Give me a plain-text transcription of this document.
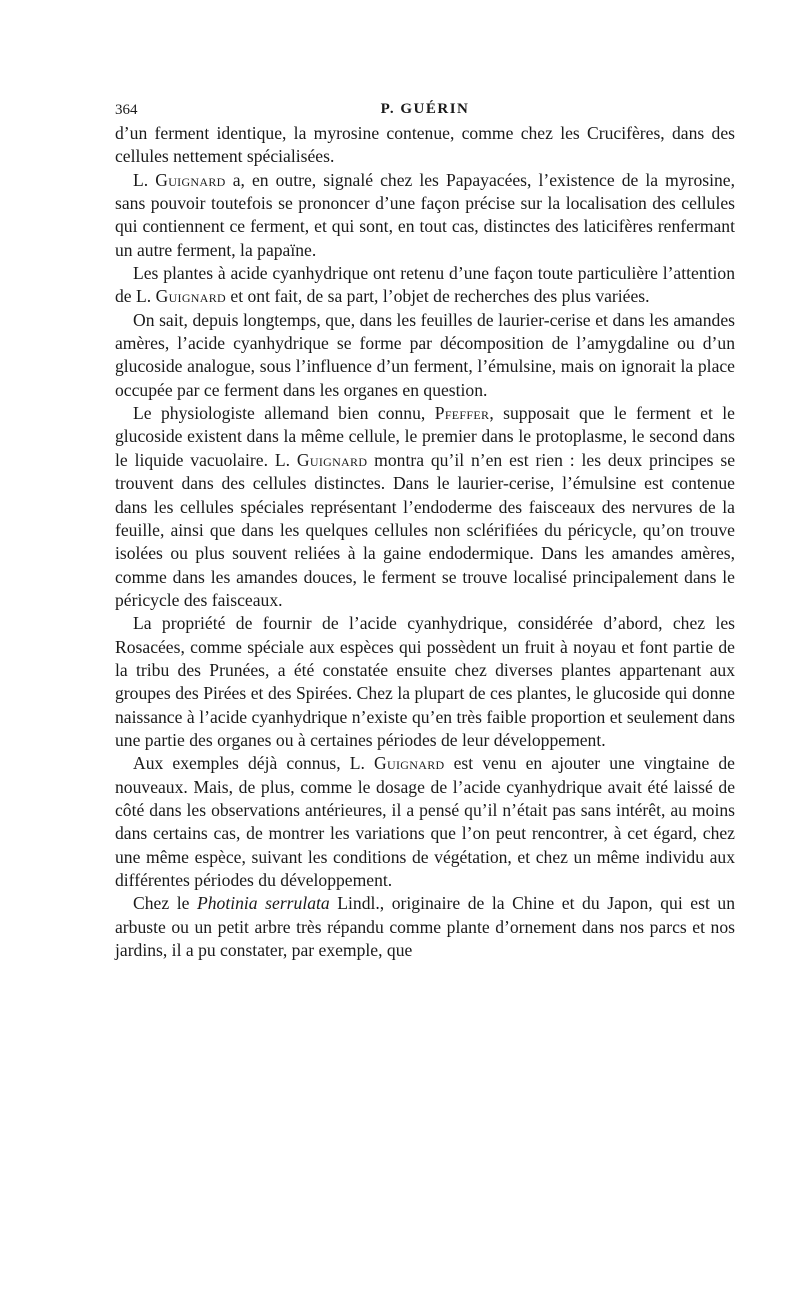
364	P. GUÉRIN

d’un ferment identique, la myrosine contenue, comme chez les Crucifères, dans des cellules nettement spécialisées.

L. Guignard a, en outre, signalé chez les Papayacées, l’existence de la myrosine, sans pouvoir toutefois se prononcer d’une façon précise sur la localisation des cellules qui contiennent ce ferment, et qui sont, en tout cas, distinctes des laticifères renfermant un autre ferment, la papaïne.

Les plantes à acide cyanhydrique ont retenu d’une façon toute particulière l’attention de L. Guignard et ont fait, de sa part, l’objet de recherches des plus variées.

On sait, depuis longtemps, que, dans les feuilles de laurier-cerise et dans les amandes amères, l’acide cyanhydrique se forme par décomposition de l’amygdaline ou d’un glucoside analogue, sous l’influence d’un ferment, l’émulsine, mais on ignorait la place occupée par ce ferment dans les organes en question.

Le physiologiste allemand bien connu, Pfeffer, supposait que le ferment et le glucoside existent dans la même cellule, le premier dans le protoplasme, le second dans le liquide vacuolaire. L. Guignard montra qu’il n’en est rien : les deux principes se trouvent dans des cellules distinctes. Dans le laurier-cerise, l’émulsine est contenue dans les cellules spéciales représentant l’endoderme des faisceaux des nervures de la feuille, ainsi que dans les quelques cellules non sclérifiées du péricycle, qu’on trouve isolées ou plus souvent reliées à la gaine endodermique. Dans les amandes amères, comme dans les amandes douces, le ferment se trouve localisé principalement dans le péricycle des faisceaux.

La propriété de fournir de l’acide cyanhydrique, considérée d’abord, chez les Rosacées, comme spéciale aux espèces qui possèdent un fruit à noyau et font partie de la tribu des Prunées, a été constatée ensuite chez diverses plantes appartenant aux groupes des Pirées et des Spirées. Chez la plupart de ces plantes, le glucoside qui donne naissance à l’acide cyanhydrique n’existe qu’en très faible proportion et seulement dans une partie des organes ou à certaines périodes de leur développement.

Aux exemples déjà connus, L. Guignard est venu en ajouter une vingtaine de nouveaux. Mais, de plus, comme le dosage de l’acide cyanhydrique avait été laissé de côté dans les observations antérieures, il a pensé qu’il n’était pas sans intérêt, au moins dans certains cas, de montrer les variations que l’on peut rencontrer, à cet égard, chez une même espèce, suivant les conditions de végétation, et chez un même individu aux différentes périodes du développement.

Chez le Photinia serrulata Lindl., originaire de la Chine et du Japon, qui est un arbuste ou un petit arbre très répandu comme plante d’ornement dans nos parcs et nos jardins, il a pu constater, par exemple, que
